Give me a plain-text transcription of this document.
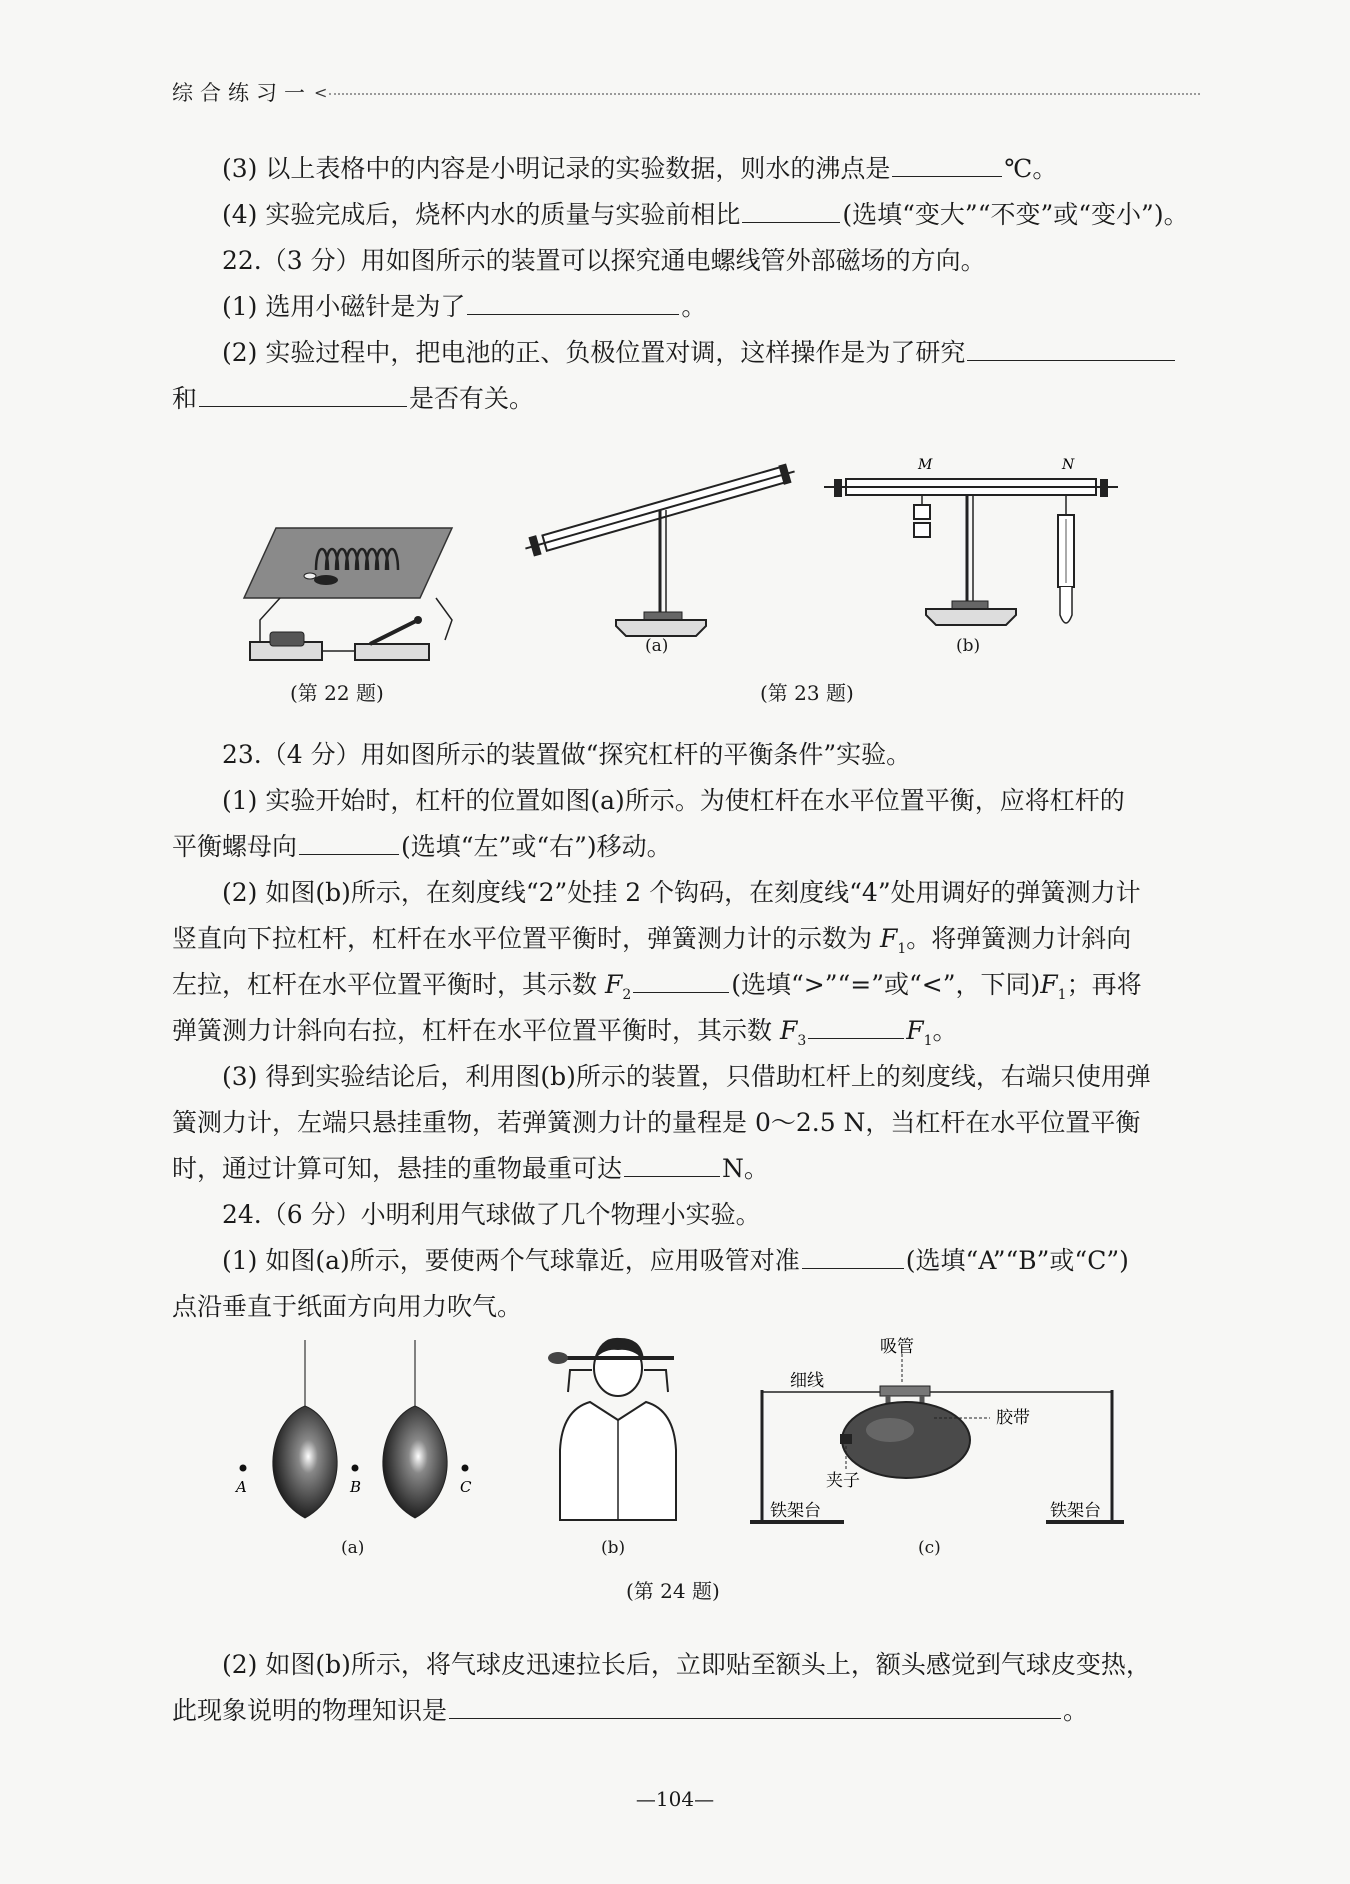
综合练习一 <
(3) 以上表格中的内容是小明记录的实验数据，则水的沸点是	℃。
(4) 实验完成后，烧杯内水的质量与实验前相比	(选填“变大”“不变”或“变小”)。
22.（3 分）用如图所示的装置可以探究通电螺线管外部磁场的方向。
(1) 选用小磁针是为了	。
(2) 实验过程中，把电池的正、负极位置对调，这样操作是为了研究
和	是否有关。
(a)
M	N
(b)
(第 22 题)	(第 23 题)
23.（4 分）用如图所示的装置做“探究杠杆的平衡条件”实验。
(1) 实验开始时，杠杆的位置如图(a)所示。为使杠杆在水平位置平衡，应将杠杆的
平衡螺母向	(选填“左”或“右”)移动。
(2) 如图(b)所示，在刻度线“2”处挂 2 个钩码，在刻度线“4”处用调好的弹簧测力计
竖直向下拉杠杆，杠杆在水平位置平衡时，弹簧测力计的示数为 $F_1$。将弹簧测力计斜向
左拉，杠杆在水平位置平衡时，其示数 $F_2$	(选填“>”“=”或“<”，下同)$F_1$；再将
弹簧测力计斜向右拉，杠杆在水平位置平衡时，其示数 $F_3$	$F_1$。
(3) 得到实验结论后，利用图(b)所示的装置，只借助杠杆上的刻度线，右端只使用弹
簧测力计，左端只悬挂重物，若弹簧测力计的量程是 0～2.5 N，当杠杆在水平位置平衡
时，通过计算可知，悬挂的重物最重可达	N。
24.（6 分）小明利用气球做了几个物理小实验。
(1) 如图(a)所示，要使两个气球靠近，应用吸管对准	(选填“A”“B”或“C”)
点沿垂直于纸面方向用力吹气。
A	B	C
(a)	(b)
吸管
细线
胶带
夹子
铁架台	铁架台
(c)
(第 24 题)
(2) 如图(b)所示，将气球皮迅速拉长后，立即贴至额头上，额头感觉到气球皮变热，
此现象说明的物理知识是	。
—104—
